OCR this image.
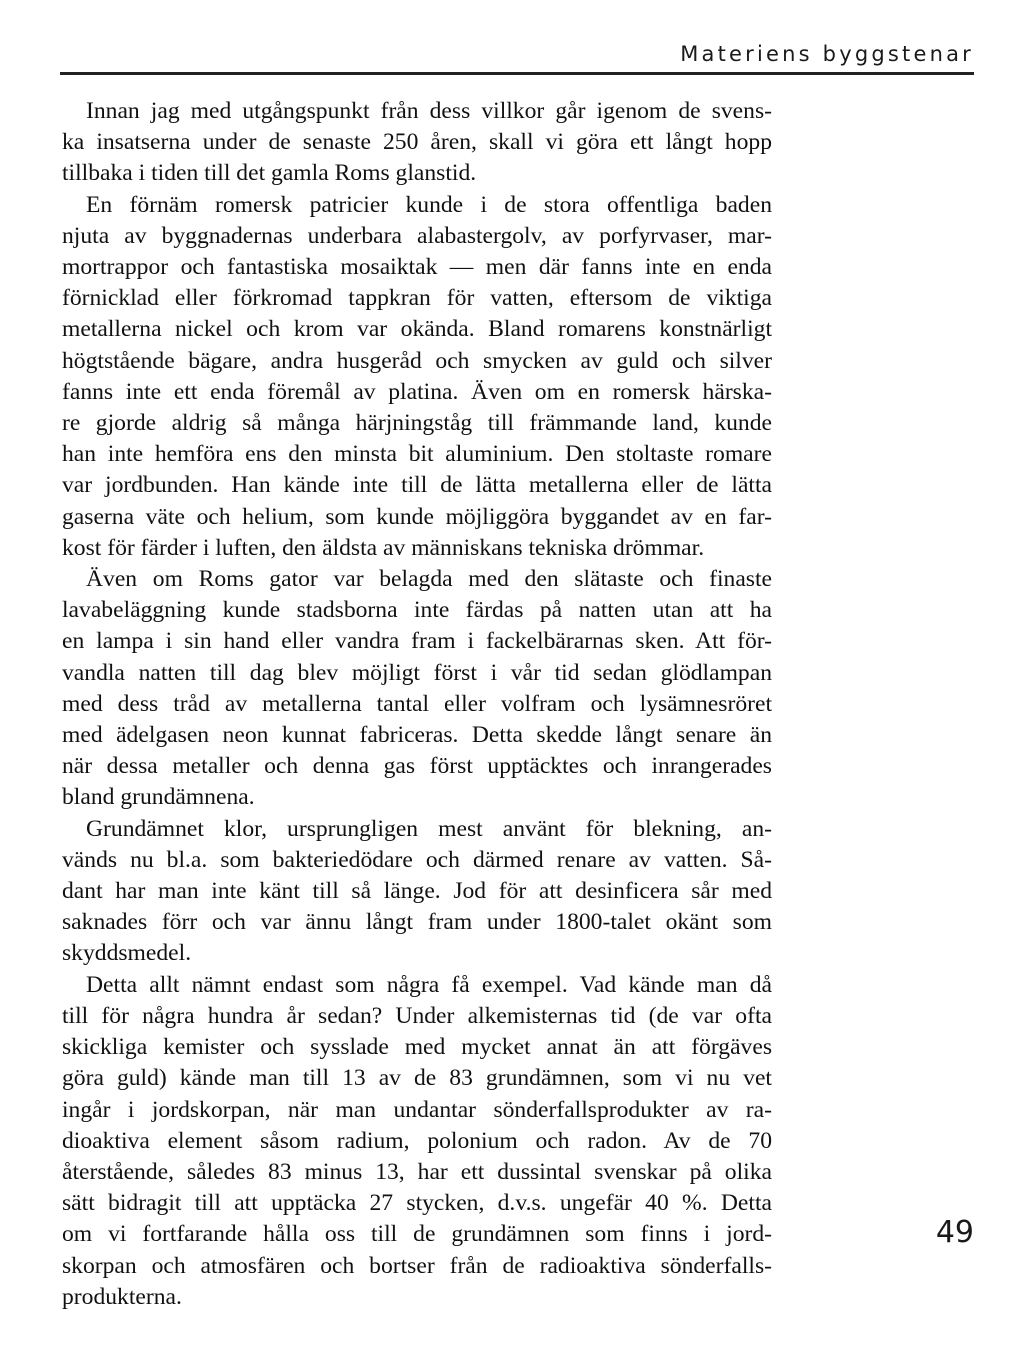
Materiens byggstenar
Innan jag med utgångspunkt från dess villkor går igenom de svens-
ka insatserna under de senaste 250 åren, skall vi göra ett långt hopp
tillbaka i tiden till det gamla Roms glanstid.
En förnäm romersk patricier kunde i de stora offentliga baden
njuta av byggnadernas underbara alabastergolv, av porfyrvaser, mar-
mortrappor och fantastiska mosaiktak — men där fanns inte en enda
förnicklad eller förkromad tappkran för vatten, eftersom de viktiga
metallerna nickel och krom var okända. Bland romarens konstnärligt
högtstående bägare, andra husgeråd och smycken av guld och silver
fanns inte ett enda föremål av platina. Även om en romersk härska-
re gjorde aldrig så många härjningståg till främmande land, kunde
han inte hemföra ens den minsta bit aluminium. Den stoltaste romare
var jordbunden. Han kände inte till de lätta metallerna eller de lätta
gaserna väte och helium, som kunde möjliggöra byggandet av en far-
kost för färder i luften, den äldsta av människans tekniska drömmar.
Även om Roms gator var belagda med den slätaste och finaste
lavabeläggning kunde stadsborna inte färdas på natten utan att ha
en lampa i sin hand eller vandra fram i fackelbärarnas sken. Att för-
vandla natten till dag blev möjligt först i vår tid sedan glödlampan
med dess tråd av metallerna tantal eller volfram och lysämnesröret
med ädelgasen neon kunnat fabriceras. Detta skedde långt senare än
när dessa metaller och denna gas först upptäcktes och inrangerades
bland grundämnena.
Grundämnet klor, ursprungligen mest använt för blekning, an-
vänds nu bl.a. som bakteriedödare och därmed renare av vatten. Så-
dant har man inte känt till så länge. Jod för att desinficera sår med
saknades förr och var ännu långt fram under 1800-talet okänt som
skyddsmedel.
Detta allt nämnt endast som några få exempel. Vad kände man då
till för några hundra år sedan? Under alkemisternas tid (de var ofta
skickliga kemister och sysslade med mycket annat än att förgäves
göra guld) kände man till 13 av de 83 grundämnen, som vi nu vet
ingår i jordskorpan, när man undantar sönderfallsprodukter av ra-
dioaktiva element såsom radium, polonium och radon. Av de 70
återstående, således 83 minus 13, har ett dussintal svenskar på olika
sätt bidragit till att upptäcka 27 stycken, d.v.s. ungefär 40 %. Detta
om vi fortfarande hålla oss till de grundämnen som finns i jord-
skorpan och atmosfären och bortser från de radioaktiva sönderfalls-
produkterna.
49
